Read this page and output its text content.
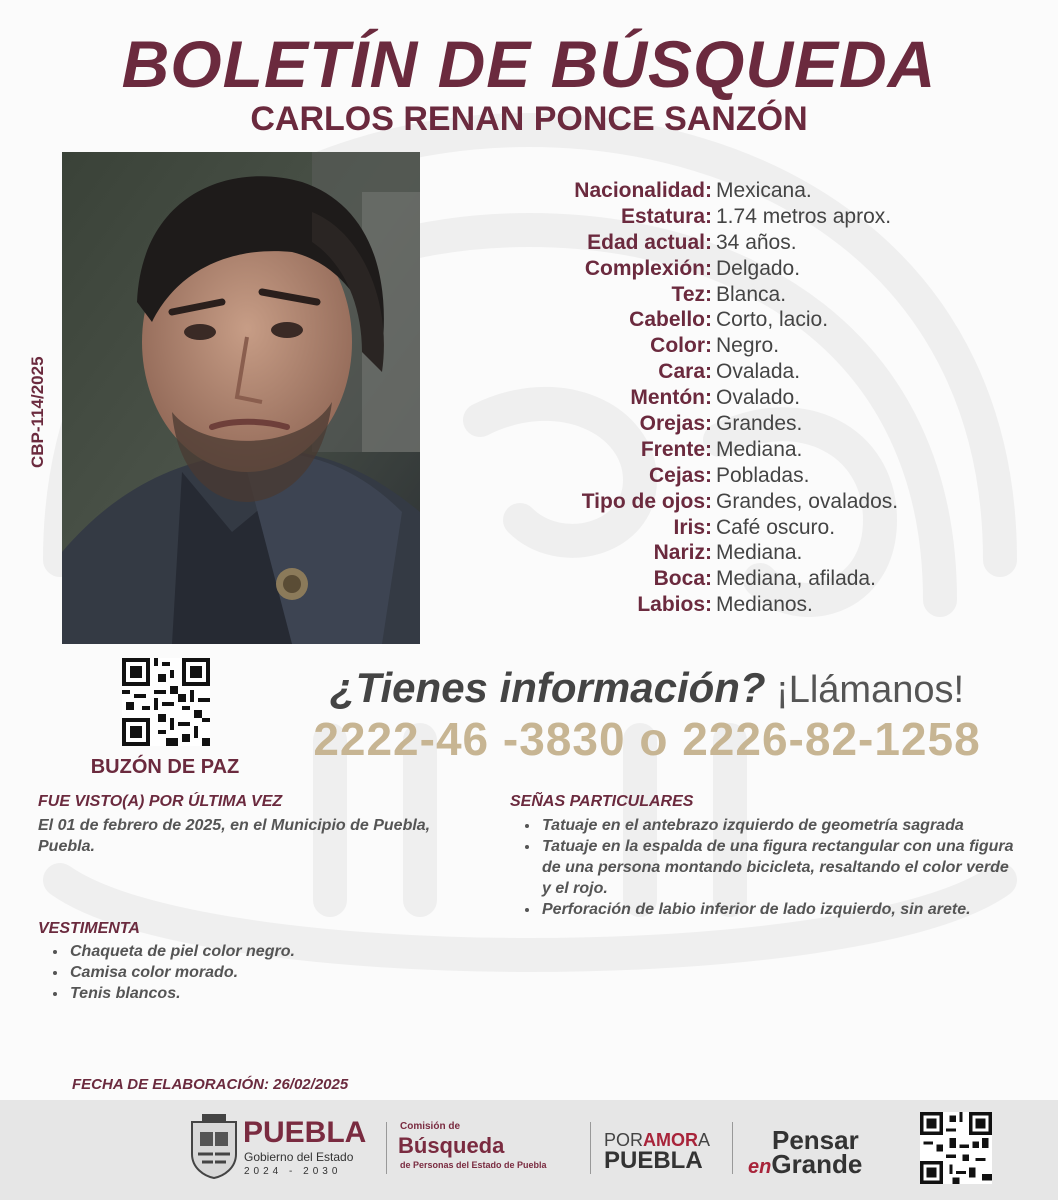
BOLETÍN DE BÚSQUEDA
CARLOS RENAN PONCE SANZÓN
CBP-114/2025
Nacionalidad: Mexicana.
Estatura: 1.74 metros aprox.
Edad actual: 34 años.
Complexión: Delgado.
Tez: Blanca.
Cabello: Corto, lacio.
Color: Negro.
Cara: Ovalada.
Mentón: Ovalado.
Orejas: Grandes.
Frente: Mediana.
Cejas: Pobladas.
Tipo de ojos: Grandes, ovalados.
Iris: Café oscuro.
Nariz: Mediana.
Boca: Mediana, afilada.
Labios: Medianos.
BUZÓN DE PAZ
¿Tienes información? ¡Llámanos!
2222-46 -3830 o 2226-82-1258
FUE VISTO(A) POR ÚLTIMA VEZ
El 01 de febrero de 2025, en el Municipio de Puebla, Puebla.
VESTIMENTA
• Chaqueta de piel color negro.
• Camisa color morado.
• Tenis blancos.
SEÑAS PARTICULARES
• Tatuaje en el antebrazo izquierdo de geometría sagrada
• Tatuaje en la espalda de una figura rectangular con una figura de una persona montando bicicleta, resaltando el color verde y el rojo.
• Perforación de labio inferior de lado izquierdo, sin arete.
FECHA DE ELABORACIÓN: 26/02/2025
PUEBLA
Gobierno del Estado
2024 - 2030
Comisión de
Búsqueda
de Personas del Estado de Puebla
PORAMORA
PUEBLA
Pensar
enGrande
